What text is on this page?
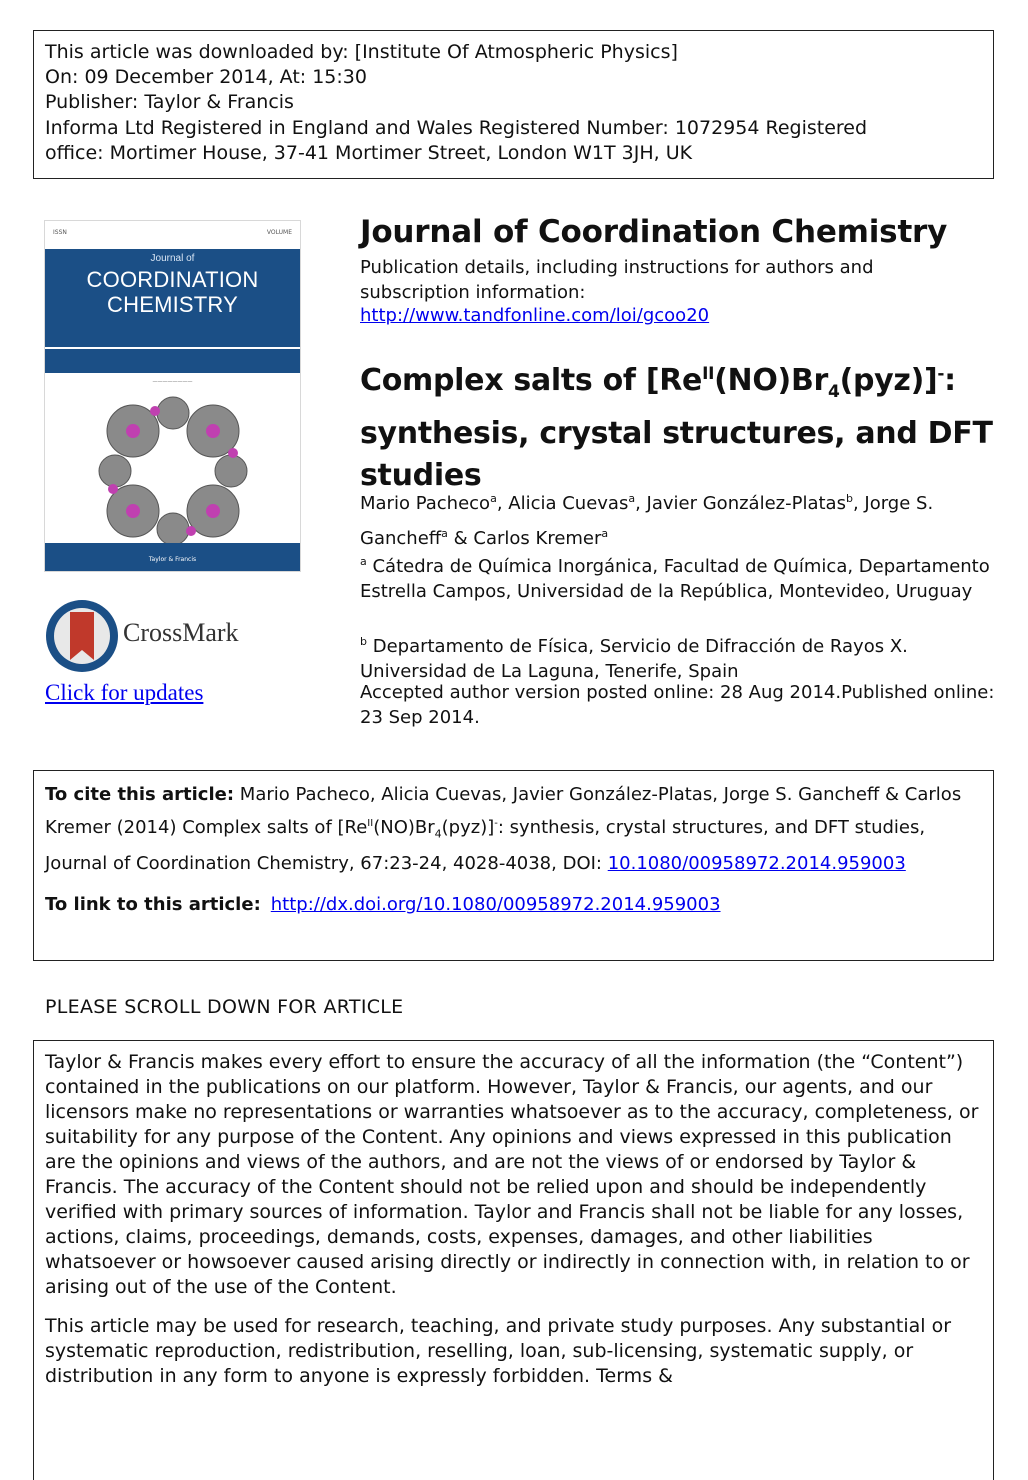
This article was downloaded by: [Institute Of Atmospheric Physics]
On: 09 December 2014, At: 15:30
Publisher: Taylor & Francis
Informa Ltd Registered in England and Wales Registered Number: 1072954 Registered
office: Mortimer House, 37-41 Mortimer Street, London W1T 3JH, UK
ISSN	VOLUME
Journal of
COORDINATION
CHEMISTRY
————————
Taylor & Francis
CrossMark
Click for updates
Journal of Coordination Chemistry
Publication details, including instructions for authors and subscription information:
http://www.tandfonline.com/loi/gcoo20
Complex salts of $[Re^{II}(NO)Br_4(pyz)]^-$: synthesis, crystal structures, and DFT studies
Mario Pacheco$^a$, Alicia Cuevas$^a$, Javier González-Platas$^b$, Jorge S. Gancheff$^a$ & Carlos Kremer$^a$
$^a$ Cátedra de Química Inorgánica, Facultad de Química, Departamento Estrella Campos, Universidad de la República, Montevideo, Uruguay
$^b$ Departamento de Física, Servicio de Difracción de Rayos X. Universidad de La Laguna, Tenerife, Spain
Accepted author version posted online: 28 Aug 2014.Published online: 23 Sep 2014.
To cite this article: Mario Pacheco, Alicia Cuevas, Javier González-Platas, Jorge S. Gancheff & Carlos Kremer (2014) Complex salts of $[Re^{II}(NO)Br_4(pyz)]^-$: synthesis, crystal structures, and DFT studies, Journal of Coordination Chemistry, 67:23-24, 4028-4038, DOI: 10.1080/00958972.2014.959003
To link to this article: http://dx.doi.org/10.1080/00958972.2014.959003
PLEASE SCROLL DOWN FOR ARTICLE

Taylor & Francis makes every effort to ensure the accuracy of all the information (the “Content”) contained in the publications on our platform. However, Taylor & Francis, our agents, and our licensors make no representations or warranties whatsoever as to the accuracy, completeness, or suitability for any purpose of the Content. Any opinions and views expressed in this publication are the opinions and views of the authors, and are not the views of or endorsed by Taylor & Francis. The accuracy of the Content should not be relied upon and should be independently verified with primary sources of information. Taylor and Francis shall not be liable for any losses, actions, claims, proceedings, demands, costs, expenses, damages, and other liabilities whatsoever or howsoever caused arising directly or indirectly in connection with, in relation to or arising out of the use of the Content.

This article may be used for research, teaching, and private study purposes. Any substantial or systematic reproduction, redistribution, reselling, loan, sub-licensing, systematic supply, or distribution in any form to anyone is expressly forbidden. Terms &
